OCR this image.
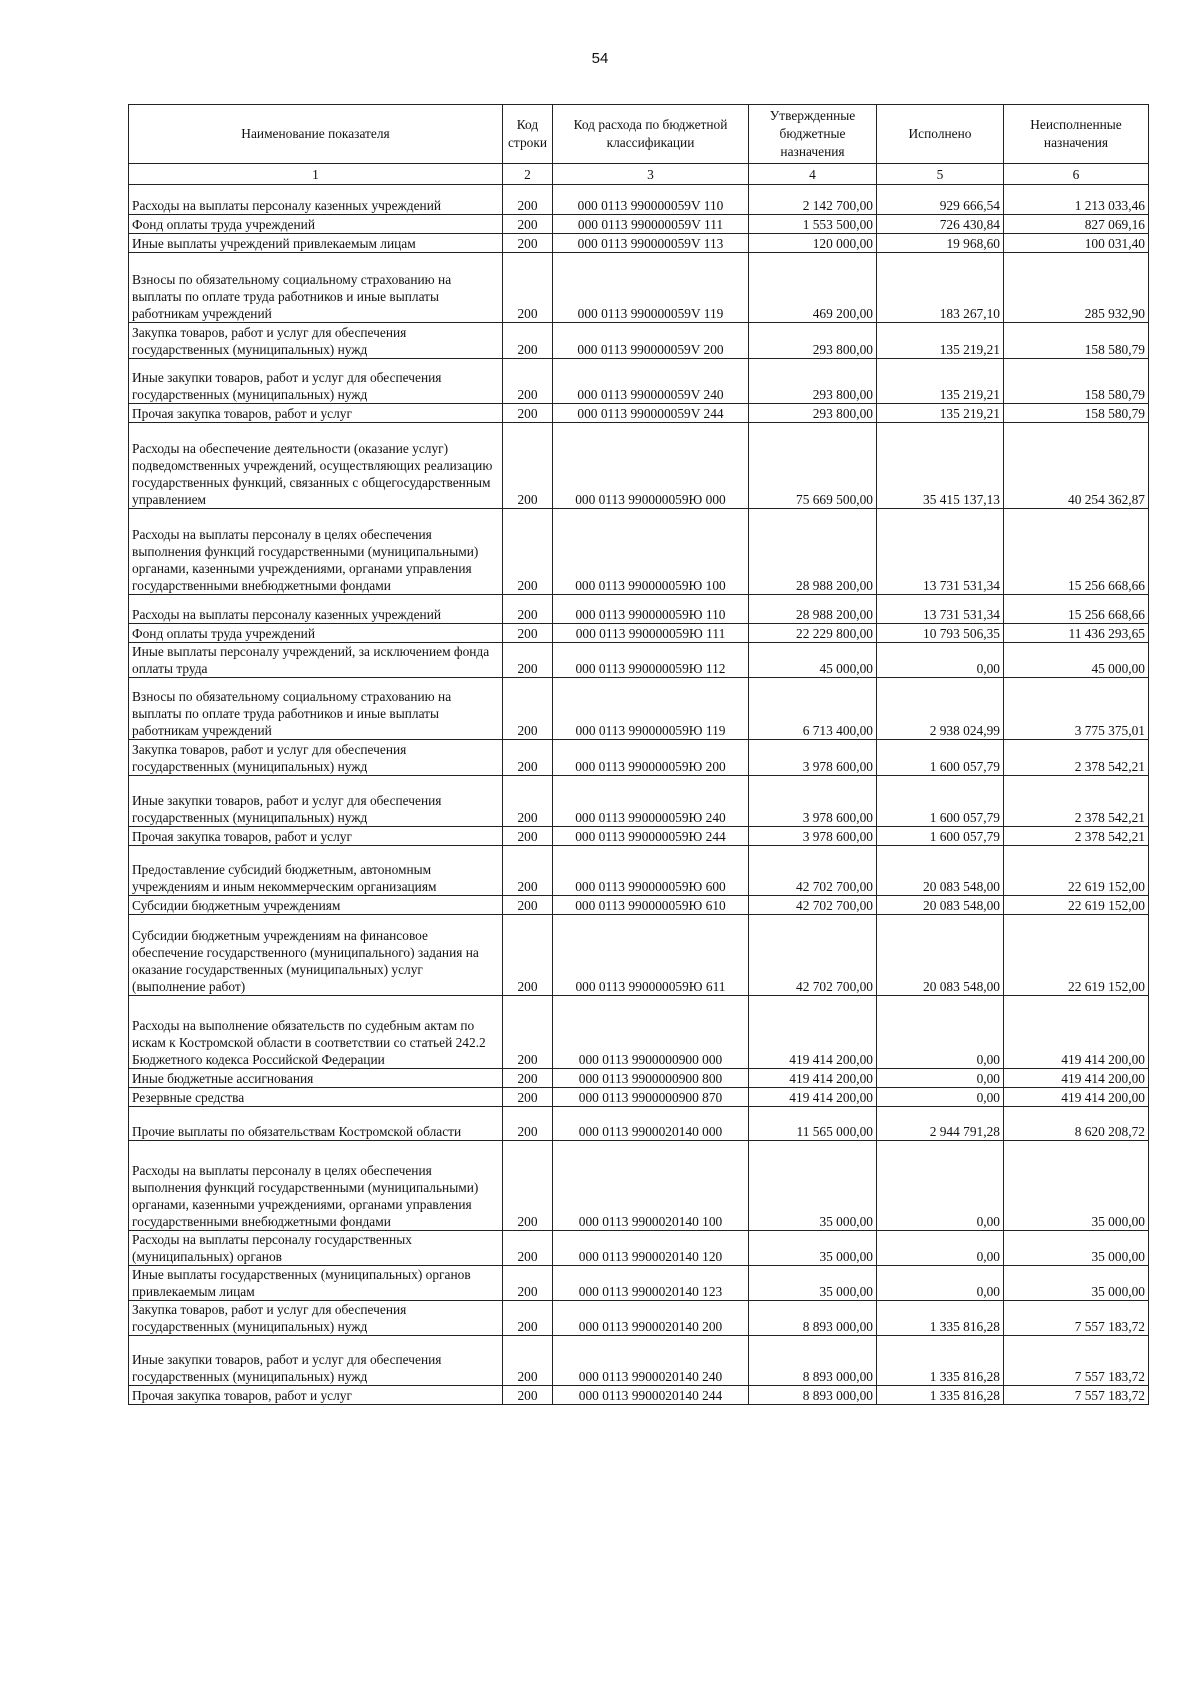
54
Наименование показателя	Код строки	Код расхода по бюджетной классификации	Утвержденные бюджетные назначения	Исполнено	Неисполненные назначения
1	2	3	4	5	6
Расходы на выплаты персоналу казенных учреждений	200	000 0113 990000059V 110	2 142 700,00	929 666,54	1 213 033,46
Фонд оплаты труда учреждений	200	000 0113 990000059V 111	1 553 500,00	726 430,84	827 069,16
Иные выплаты учреждений привлекаемым лицам	200	000 0113 990000059V 113	120 000,00	19 968,60	100 031,40
Взносы по обязательному социальному страхованию на выплаты по оплате труда работников и иные выплаты работникам учреждений	200	000 0113 990000059V 119	469 200,00	183 267,10	285 932,90
Закупка товаров, работ и услуг для обеспечения государственных (муниципальных) нужд	200	000 0113 990000059V 200	293 800,00	135 219,21	158 580,79
Иные закупки товаров, работ и услуг для обеспечения государственных (муниципальных) нужд	200	000 0113 990000059V 240	293 800,00	135 219,21	158 580,79
Прочая закупка товаров, работ и услуг	200	000 0113 990000059V 244	293 800,00	135 219,21	158 580,79
Расходы на обеспечение деятельности (оказание услуг) подведомственных учреждений, осуществляющих реализацию государственных функций, связанных с общегосударственным управлением	200	000 0113 990000059Ю 000	75 669 500,00	35 415 137,13	40 254 362,87
Расходы на выплаты персоналу в целях обеспечения выполнения функций государственными (муниципальными) органами, казенными учреждениями, органами управления государственными внебюджетными фондами	200	000 0113 990000059Ю 100	28 988 200,00	13 731 531,34	15 256 668,66
Расходы на выплаты персоналу казенных учреждений	200	000 0113 990000059Ю 110	28 988 200,00	13 731 531,34	15 256 668,66
Фонд оплаты труда учреждений	200	000 0113 990000059Ю 111	22 229 800,00	10 793 506,35	11 436 293,65
Иные выплаты персоналу учреждений, за исключением фонда оплаты труда	200	000 0113 990000059Ю 112	45 000,00	0,00	45 000,00
Взносы по обязательному социальному страхованию на выплаты по оплате труда работников и иные выплаты работникам учреждений	200	000 0113 990000059Ю 119	6 713 400,00	2 938 024,99	3 775 375,01
Закупка товаров, работ и услуг для обеспечения государственных (муниципальных) нужд	200	000 0113 990000059Ю 200	3 978 600,00	1 600 057,79	2 378 542,21
Иные закупки товаров, работ и услуг для обеспечения государственных (муниципальных) нужд	200	000 0113 990000059Ю 240	3 978 600,00	1 600 057,79	2 378 542,21
Прочая закупка товаров, работ и услуг	200	000 0113 990000059Ю 244	3 978 600,00	1 600 057,79	2 378 542,21
Предоставление субсидий бюджетным, автономным учреждениям и иным некоммерческим организациям	200	000 0113 990000059Ю 600	42 702 700,00	20 083 548,00	22 619 152,00
Субсидии бюджетным учреждениям	200	000 0113 990000059Ю 610	42 702 700,00	20 083 548,00	22 619 152,00
Субсидии бюджетным учреждениям на финансовое обеспечение государственного (муниципального) задания на оказание государственных (муниципальных) услуг (выполнение работ)	200	000 0113 990000059Ю 611	42 702 700,00	20 083 548,00	22 619 152,00
Расходы на выполнение обязательств по судебным актам по искам к Костромской области в соответствии со статьей 242.2 Бюджетного кодекса Российской Федерации	200	000 0113 9900000900 000	419 414 200,00	0,00	419 414 200,00
Иные бюджетные ассигнования	200	000 0113 9900000900 800	419 414 200,00	0,00	419 414 200,00
Резервные средства	200	000 0113 9900000900 870	419 414 200,00	0,00	419 414 200,00
Прочие выплаты по обязательствам Костромской области	200	000 0113 9900020140 000	11 565 000,00	2 944 791,28	8 620 208,72
Расходы на выплаты персоналу в целях обеспечения выполнения функций государственными (муниципальными) органами, казенными учреждениями, органами управления государственными внебюджетными фондами	200	000 0113 9900020140 100	35 000,00	0,00	35 000,00
Расходы на выплаты персоналу государственных (муниципальных) органов	200	000 0113 9900020140 120	35 000,00	0,00	35 000,00
Иные выплаты государственных (муниципальных) органов привлекаемым лицам	200	000 0113 9900020140 123	35 000,00	0,00	35 000,00
Закупка товаров, работ и услуг для обеспечения государственных (муниципальных) нужд	200	000 0113 9900020140 200	8 893 000,00	1 335 816,28	7 557 183,72
Иные закупки товаров, работ и услуг для обеспечения государственных (муниципальных) нужд	200	000 0113 9900020140 240	8 893 000,00	1 335 816,28	7 557 183,72
Прочая закупка товаров, работ и услуг	200	000 0113 9900020140 244	8 893 000,00	1 335 816,28	7 557 183,72
